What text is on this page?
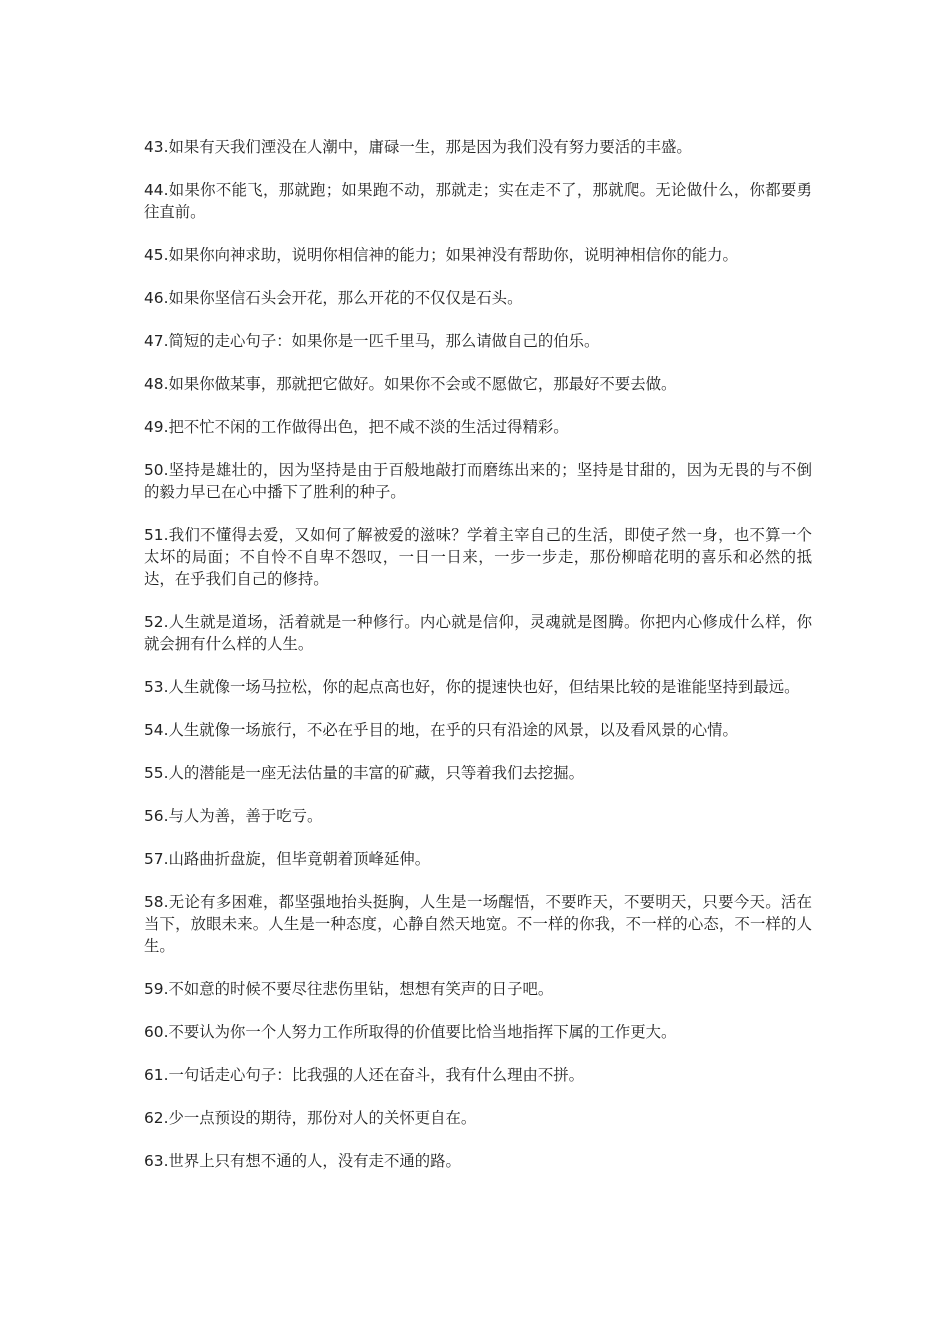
43.如果有天我们湮没在人潮中，庸碌一生，那是因为我们没有努力要活的丰盛。

44.如果你不能飞，那就跑；如果跑不动，那就走；实在走不了，那就爬。无论做什么，你都要勇往直前。

45.如果你向神求助，说明你相信神的能力；如果神没有帮助你，说明神相信你的能力。

46.如果你坚信石头会开花，那么开花的不仅仅是石头。

47.简短的走心句子：如果你是一匹千里马，那么请做自己的伯乐。

48.如果你做某事，那就把它做好。如果你不会或不愿做它，那最好不要去做。

49.把不忙不闲的工作做得出色，把不咸不淡的生活过得精彩。

50.坚持是雄壮的，因为坚持是由于百般地敲打而磨练出来的；坚持是甘甜的，因为无畏的与不倒的毅力早已在心中播下了胜利的种子。

51.我们不懂得去爱，又如何了解被爱的滋味？学着主宰自己的生活，即使孑然一身，也不算一个太坏的局面；不自怜不自卑不怨叹，一日一日来，一步一步走，那份柳暗花明的喜乐和必然的抵达，在乎我们自己的修持。

52.人生就是道场，活着就是一种修行。内心就是信仰，灵魂就是图腾。你把内心修成什么样，你就会拥有什么样的人生。

53.人生就像一场马拉松，你的起点高也好，你的提速快也好，但结果比较的是谁能坚持到最远。

54.人生就像一场旅行，不必在乎目的地，在乎的只有沿途的风景，以及看风景的心情。

55.人的潜能是一座无法估量的丰富的矿藏，只等着我们去挖掘。

56.与人为善，善于吃亏。

57.山路曲折盘旋，但毕竟朝着顶峰延伸。

58.无论有多困难，都坚强地抬头挺胸，人生是一场醒悟，不要昨天，不要明天，只要今天。活在当下，放眼未来。人生是一种态度，心静自然天地宽。不一样的你我，不一样的心态，不一样的人生。

59.不如意的时候不要尽往悲伤里钻，想想有笑声的日子吧。

60.不要认为你一个人努力工作所取得的价值要比恰当地指挥下属的工作更大。

61.一句话走心句子：比我强的人还在奋斗，我有什么理由不拼。

62.少一点预设的期待，那份对人的关怀更自在。

63.世界上只有想不通的人，没有走不通的路。
